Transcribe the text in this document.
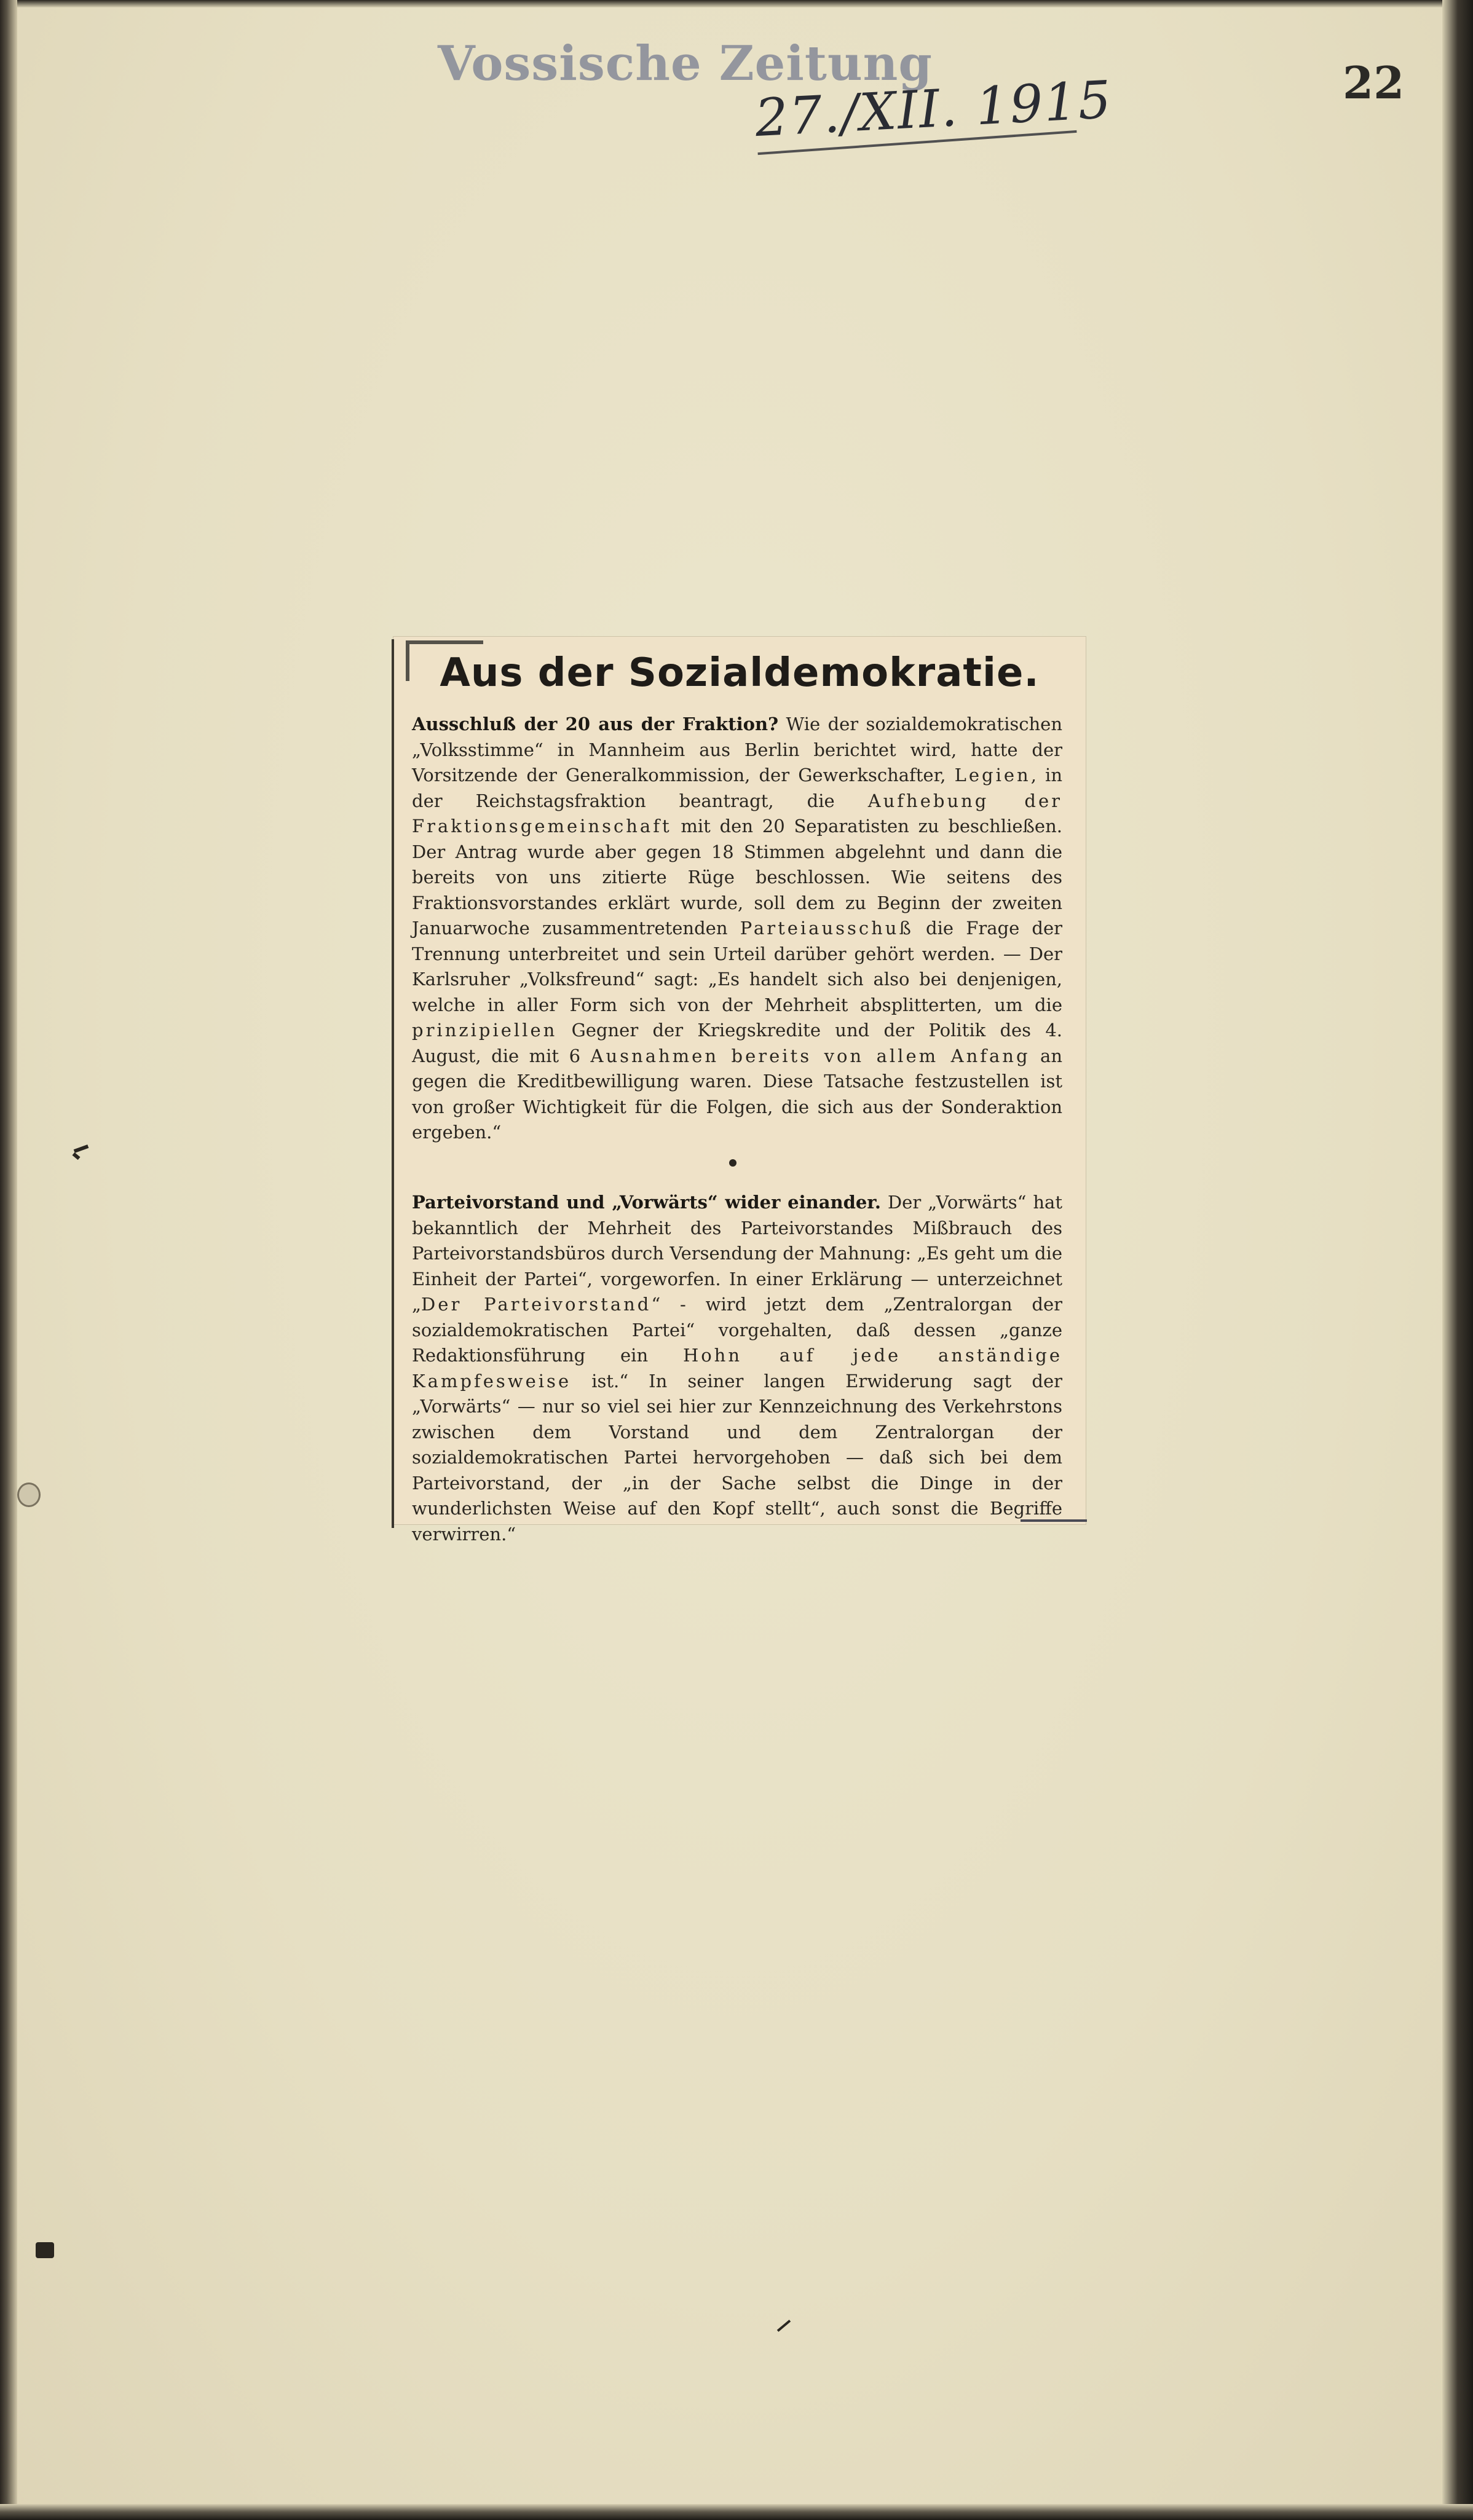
Vossische Zeitung
27./XII. 1915	22
Aus der Sozialdemokratie.
Ausschluß der 20 aus der Fraktion? Wie der sozialdemokratischen „Volksstimme“ in Mannheim aus Berlin berichtet wird, hatte der Vorsitzende der Generalkommission, der Gewerkschafter, Legien, in der Reichstagsfraktion beantragt, die Aufhebung der Fraktionsgemeinschaft mit den 20 Separatisten zu beschließen. Der Antrag wurde aber gegen 18 Stimmen abgelehnt und dann die bereits von uns zitierte Rüge beschlossen. Wie seitens des Fraktionsvorstandes erklärt wurde, soll dem zu Beginn der zweiten Januarwoche zusammentretenden Parteiausschuß die Frage der Trennung unterbreitet und sein Urteil darüber gehört werden. — Der Karlsruher „Volksfreund“ sagt: „Es handelt sich also bei denjenigen, welche in aller Form sich von der Mehrheit absplitterten, um die prinzipiellen Gegner der Kriegskredite und der Politik des 4. August, die mit 6 Ausnahmen bereits von allem Anfang an gegen die Kreditbewilligung waren. Diese Tatsache festzustellen ist von großer Wichtigkeit für die Folgen, die sich aus der Sonderaktion ergeben.“
Parteivorstand und „Vorwärts“ wider einander. Der „Vorwärts“ hat bekanntlich der Mehrheit des Parteivorstandes Mißbrauch des Parteivorstandsbüros durch Versendung der Mahnung: „Es geht um die Einheit der Partei“, vorgeworfen. In einer Erklärung — unterzeichnet „Der Parteivorstand“ - wird jetzt dem „Zentralorgan der sozialdemokratischen Partei“ vorgehalten, daß dessen „ganze Redaktionsführung ein Hohn auf jede anständige Kampfesweise ist.“ In seiner langen Erwiderung sagt der „Vorwärts“ — nur so viel sei hier zur Kennzeichnung des Verkehrstons zwischen dem Vorstand und dem Zentralorgan der sozialdemokratischen Partei hervorgehoben — daß sich bei dem Parteivorstand, der „in der Sache selbst die Dinge in der wunderlichsten Weise auf den Kopf stellt“, auch sonst die Begriffe verwirren.“
